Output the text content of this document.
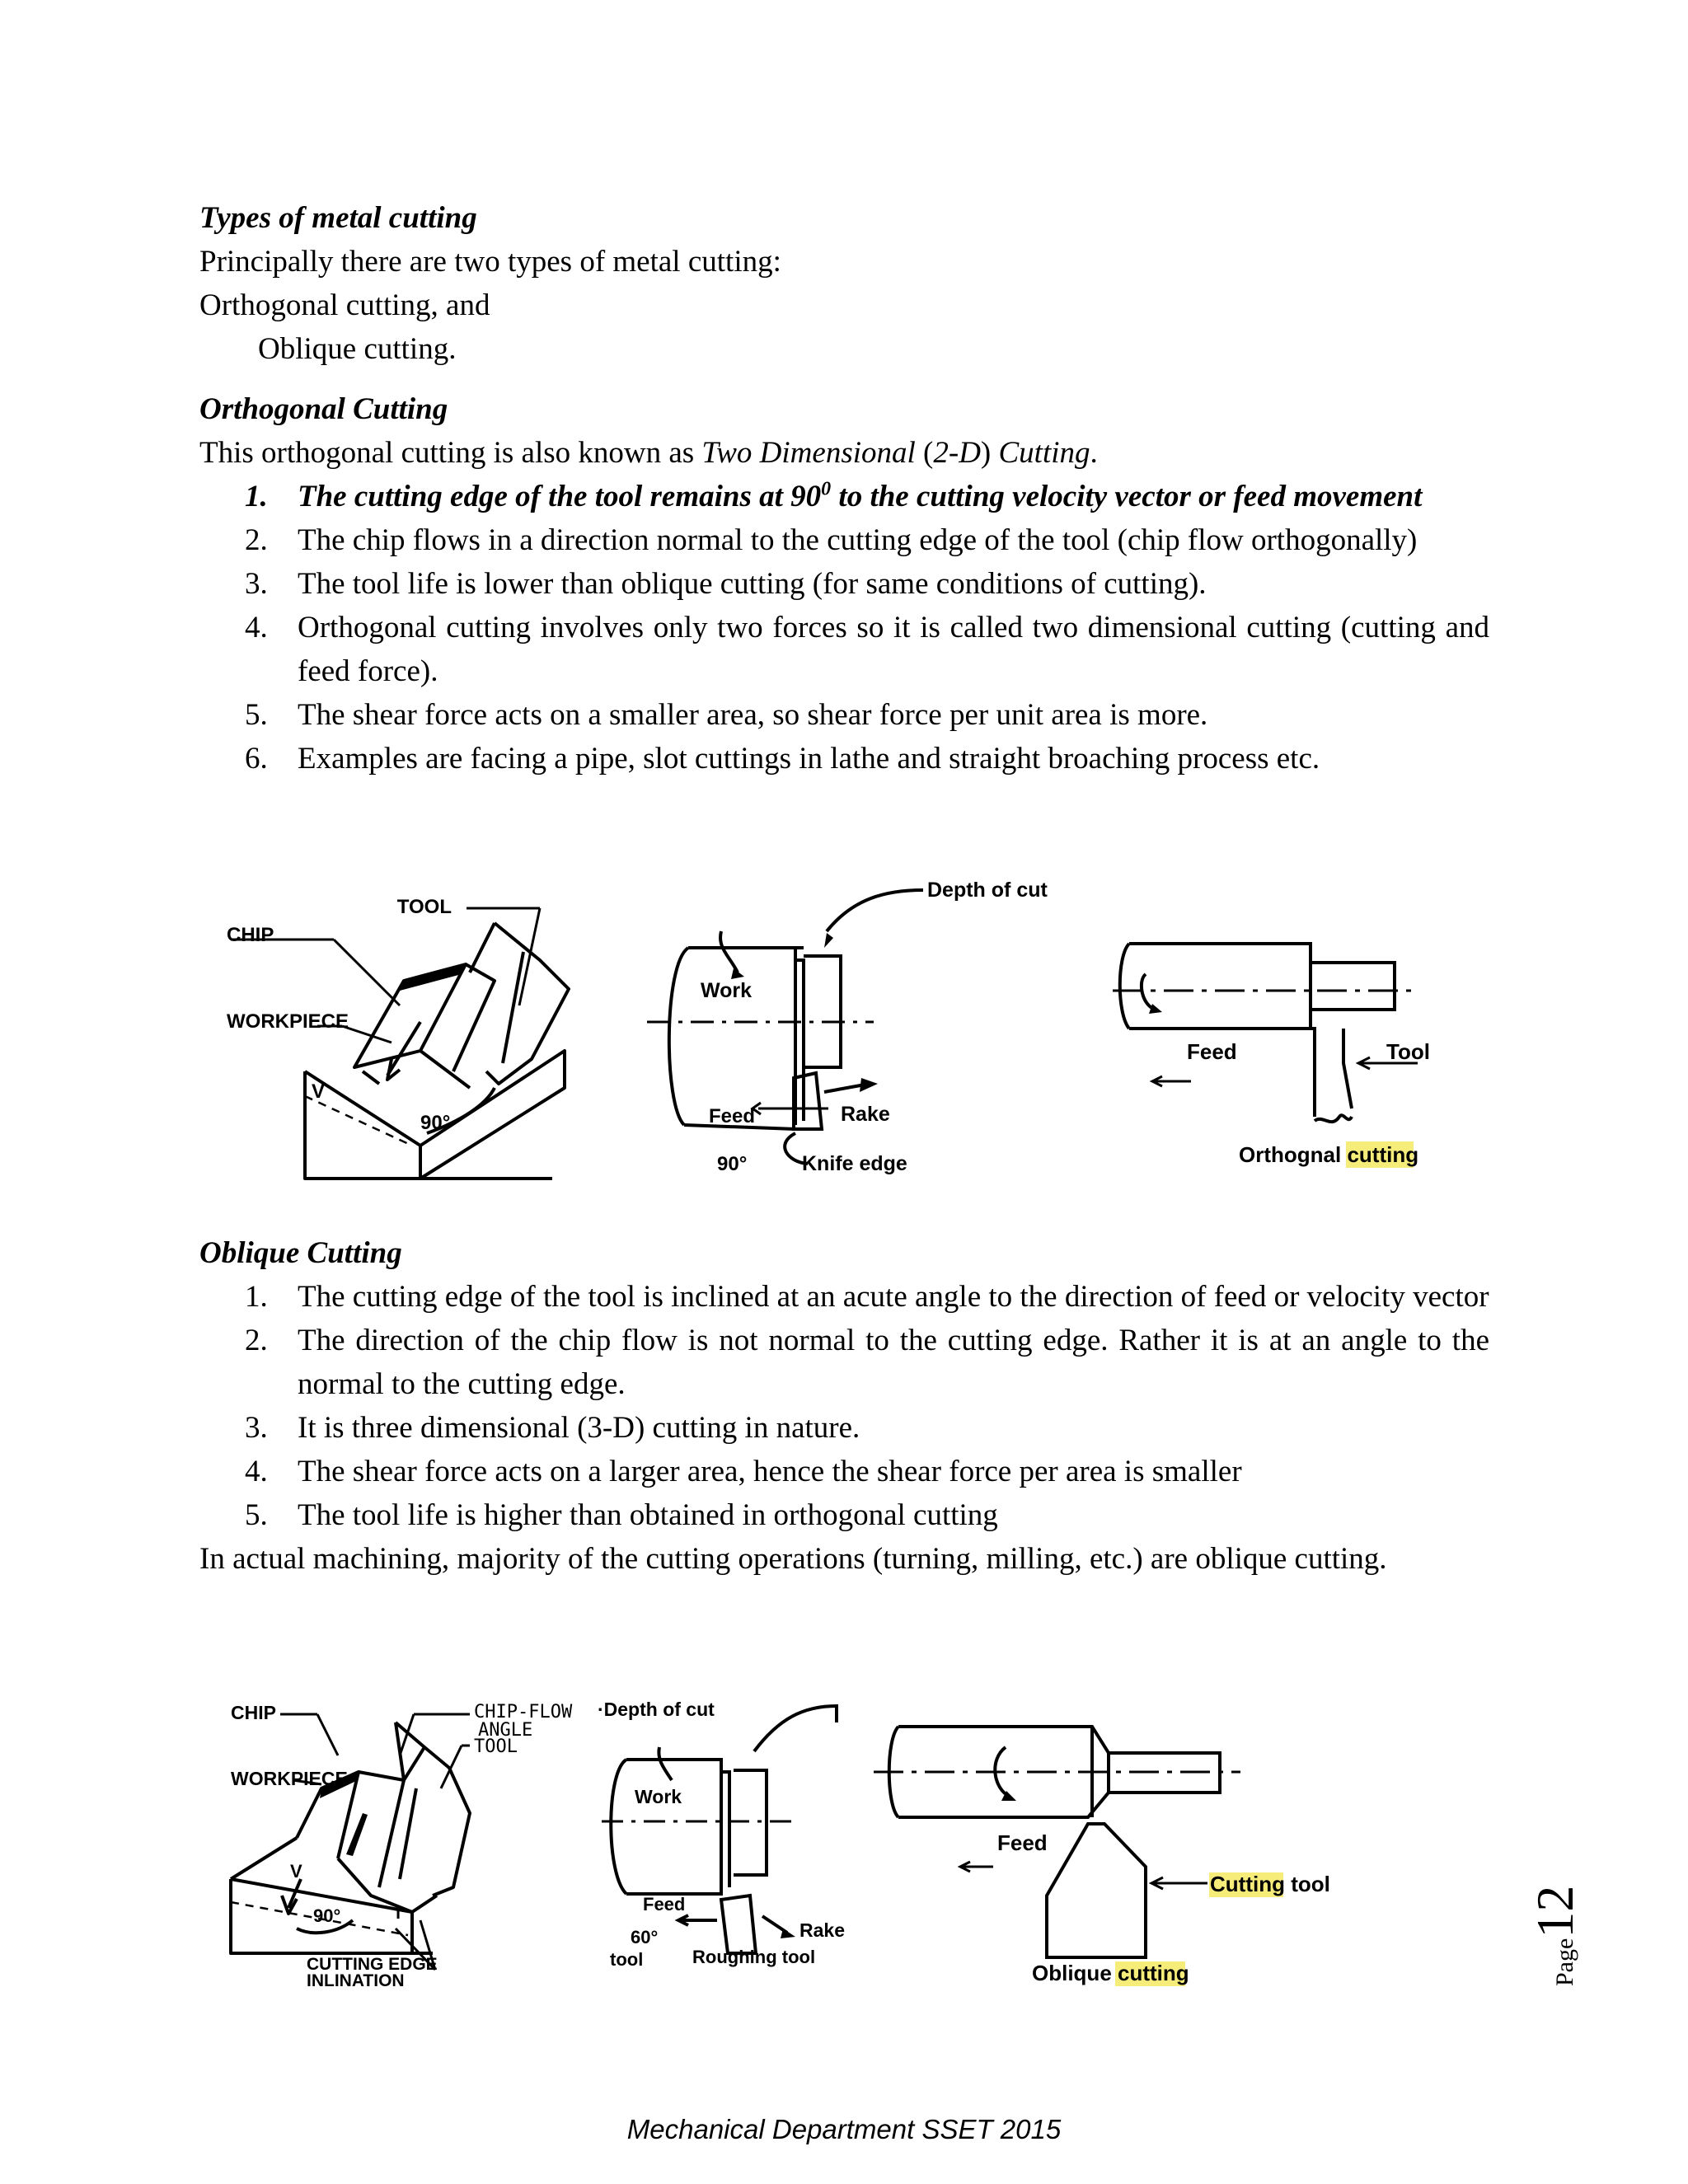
Types of metal cutting
Principally there are two types of metal cutting:
Orthogonal cutting, and
Oblique cutting.
Orthogonal Cutting
This orthogonal cutting is also known as Two Dimensional (2-D) Cutting.
1. The cutting edge of the tool remains at $90^0$ to the cutting velocity vector or feed movement
2. The chip flows in a direction normal to the cutting edge of the tool (chip flow orthogonally)
3. The tool life is lower than oblique cutting (for same conditions of cutting).
4. Orthogonal cutting involves only two forces so it is called two dimensional cutting (cutting and feed force).
5. The shear force acts on a smaller area, so shear force per unit area is more.
6. Examples are facing a pipe, slot cuttings in lathe and straight broaching process etc.
CHIP
WORKPIECE
TOOL
V
90°
Depth of cut
Work
Feed	Rake
90°	Knife edge
Feed	Tool
Orthognal cutting
Oblique Cutting
1. The cutting edge of the tool is inclined at an acute angle to the direction of feed or velocity vector
2. The direction of the chip flow is not normal to the cutting edge. Rather it is at an angle to the normal to the cutting edge.
3. It is three dimensional (3-D) cutting in nature.
4. The shear force acts on a larger area, hence the shear force per area is smaller
5. The tool life is higher than obtained in orthogonal cutting
In actual machining, majority of the cutting operations (turning, milling, etc.) are oblique cutting.
CHIP
WORKPIECE
CHIP-FLOW
ANGLE
TOOL
V
90°	i
CUTTING EDGE
INLINATION
·Depth of cut
Work
Feed
60°
tool
Rake
Roughing tool
Feed
Cutting tool
Oblique cutting	Page12
Mechanical Department SSET 2015
